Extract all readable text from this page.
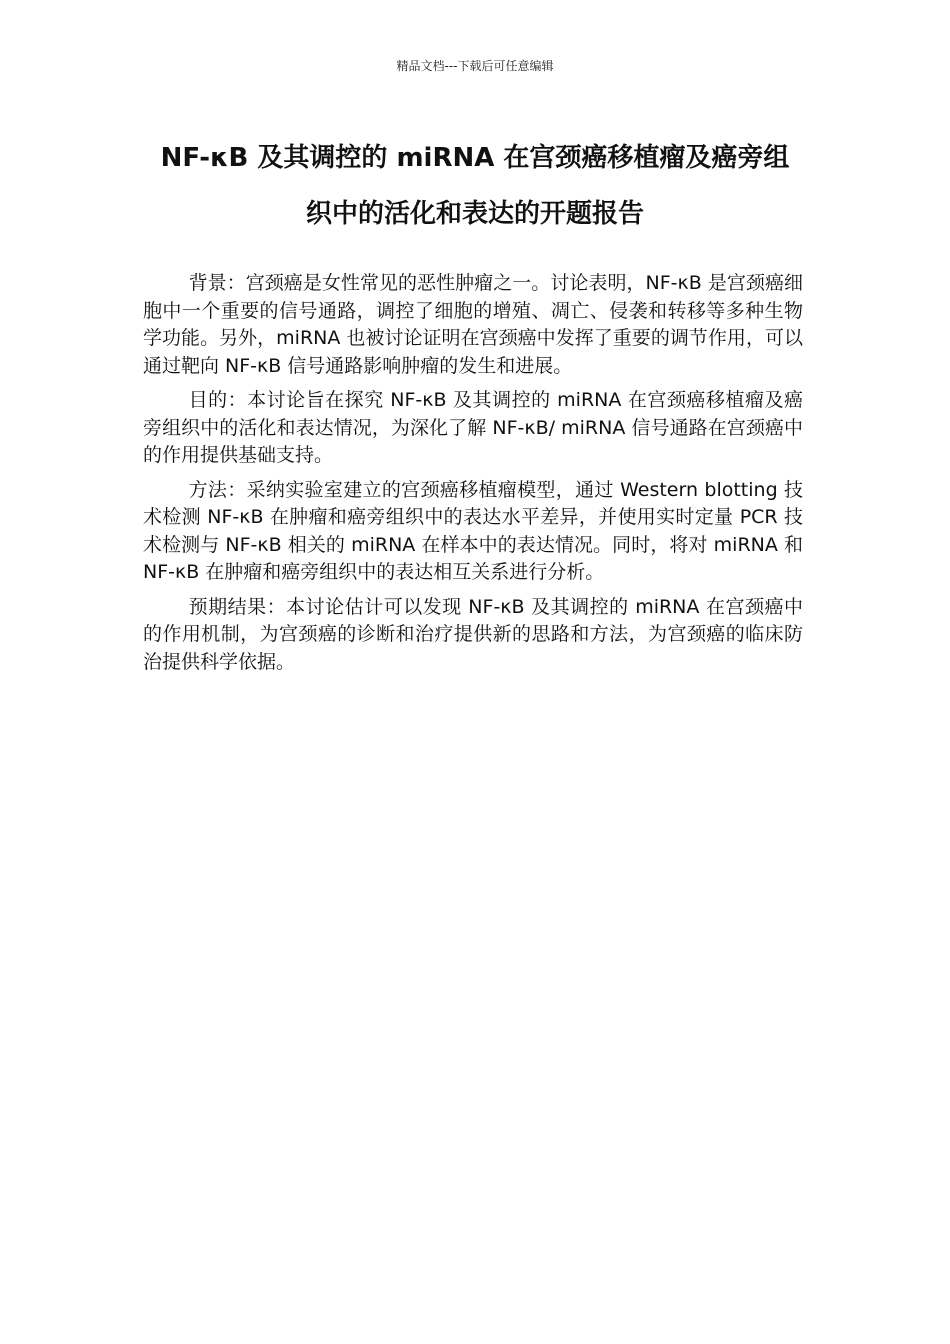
精品文档---下载后可任意编辑
NF-κB 及其调控的 miRNA 在宫颈癌移植瘤及癌旁组
织中的活化和表达的开题报告

背景：宫颈癌是女性常见的恶性肿瘤之一。讨论表明，NF-κB 是宫颈癌细胞中一个重要的信号通路，调控了细胞的增殖、凋亡、侵袭和转移等多种生物学功能。另外，miRNA 也被讨论证明在宫颈癌中发挥了重要的调节作用，可以通过靶向 NF-κB 信号通路影响肿瘤的发生和进展。

目的：本讨论旨在探究 NF-κB 及其调控的 miRNA 在宫颈癌移植瘤及癌旁组织中的活化和表达情况，为深化了解 NF-κB/ miRNA 信号通路在宫颈癌中的作用提供基础支持。

方法：采纳实验室建立的宫颈癌移植瘤模型，通过 Western blotting 技术检测 NF-κB 在肿瘤和癌旁组织中的表达水平差异，并使用实时定量 PCR 技术检测与 NF-κB 相关的 miRNA 在样本中的表达情况。同时，将对 miRNA 和 NF-κB 在肿瘤和癌旁组织中的表达相互关系进行分析。

预期结果：本讨论估计可以发现 NF-κB 及其调控的 miRNA 在宫颈癌中的作用机制，为宫颈癌的诊断和治疗提供新的思路和方法，为宫颈癌的临床防治提供科学依据。
